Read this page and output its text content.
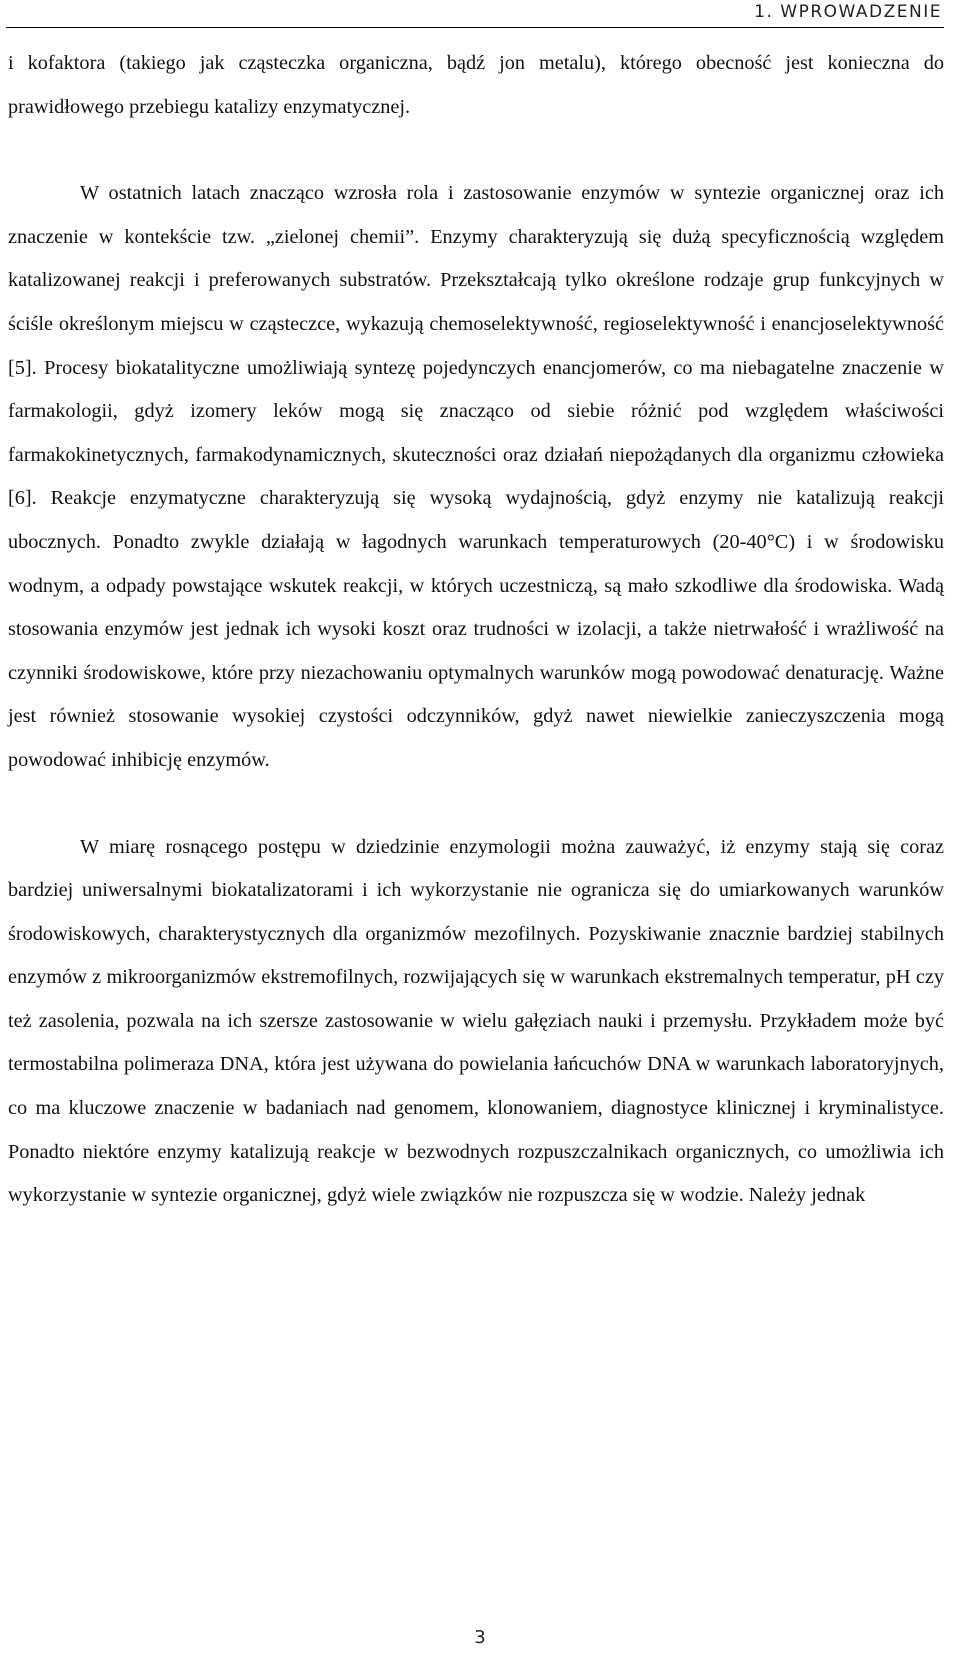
1. WPROWADZENIE

i kofaktora (takiego jak cząsteczka organiczna, bądź jon metalu), którego obecność jest konieczna do prawidłowego przebiegu katalizy enzymatycznej.

W ostatnich latach znacząco wzrosła rola i zastosowanie enzymów w syntezie organicznej oraz ich znaczenie w kontekście tzw. „zielonej chemii”. Enzymy charakteryzują się dużą specyficznością względem katalizowanej reakcji i preferowanych substratów. Przekształcają tylko określone rodzaje grup funkcyjnych w ściśle określonym miejscu w cząsteczce, wykazują chemoselektywność, regioselektywność i enancjoselektywność [5]. Procesy biokatalityczne umożliwiają syntezę pojedynczych enancjomerów, co ma niebagatelne znaczenie w farmakologii, gdyż izomery leków mogą się znacząco od siebie różnić pod względem właściwości farmakokinetycznych, farmakodynamicznych, skuteczności oraz działań niepożądanych dla organizmu człowieka [6]. Reakcje enzymatyczne charakteryzują się wysoką wydajnością, gdyż enzymy nie katalizują reakcji ubocznych. Ponadto zwykle działają w łagodnych warunkach temperaturowych (20-40°C) i w środowisku wodnym, a odpady powstające wskutek reakcji, w których uczestniczą, są mało szkodliwe dla środowiska. Wadą stosowania enzymów jest jednak ich wysoki koszt oraz trudności w izolacji, a także nietrwałość i wrażliwość na czynniki środowiskowe, które przy niezachowaniu optymalnych warunków mogą powodować denaturację. Ważne jest również stosowanie wysokiej czystości odczynników, gdyż nawet niewielkie zanieczyszczenia mogą powodować inhibicję enzymów.

W miarę rosnącego postępu w dziedzinie enzymologii można zauważyć, iż enzymy stają się coraz bardziej uniwersalnymi biokatalizatorami i ich wykorzystanie nie ogranicza się do umiarkowanych warunków środowiskowych, charakterystycznych dla organizmów mezofilnych. Pozyskiwanie znacznie bardziej stabilnych enzymów z mikroorganizmów ekstremofilnych, rozwijających się w warunkach ekstremalnych temperatur, pH czy też zasolenia, pozwala na ich szersze zastosowanie w wielu gałęziach nauki i przemysłu. Przykładem może być termostabilna polimeraza DNA, która jest używana do powielania łańcuchów DNA w warunkach laboratoryjnych, co ma kluczowe znaczenie w badaniach nad genomem, klonowaniem, diagnostyce klinicznej i kryminalistyce. Ponadto niektóre enzymy katalizują reakcje w bezwodnych rozpuszczalnikach organicznych, co umożliwia ich wykorzystanie w syntezie organicznej, gdyż wiele związków nie rozpuszcza się w wodzie. Należy jednak

3
